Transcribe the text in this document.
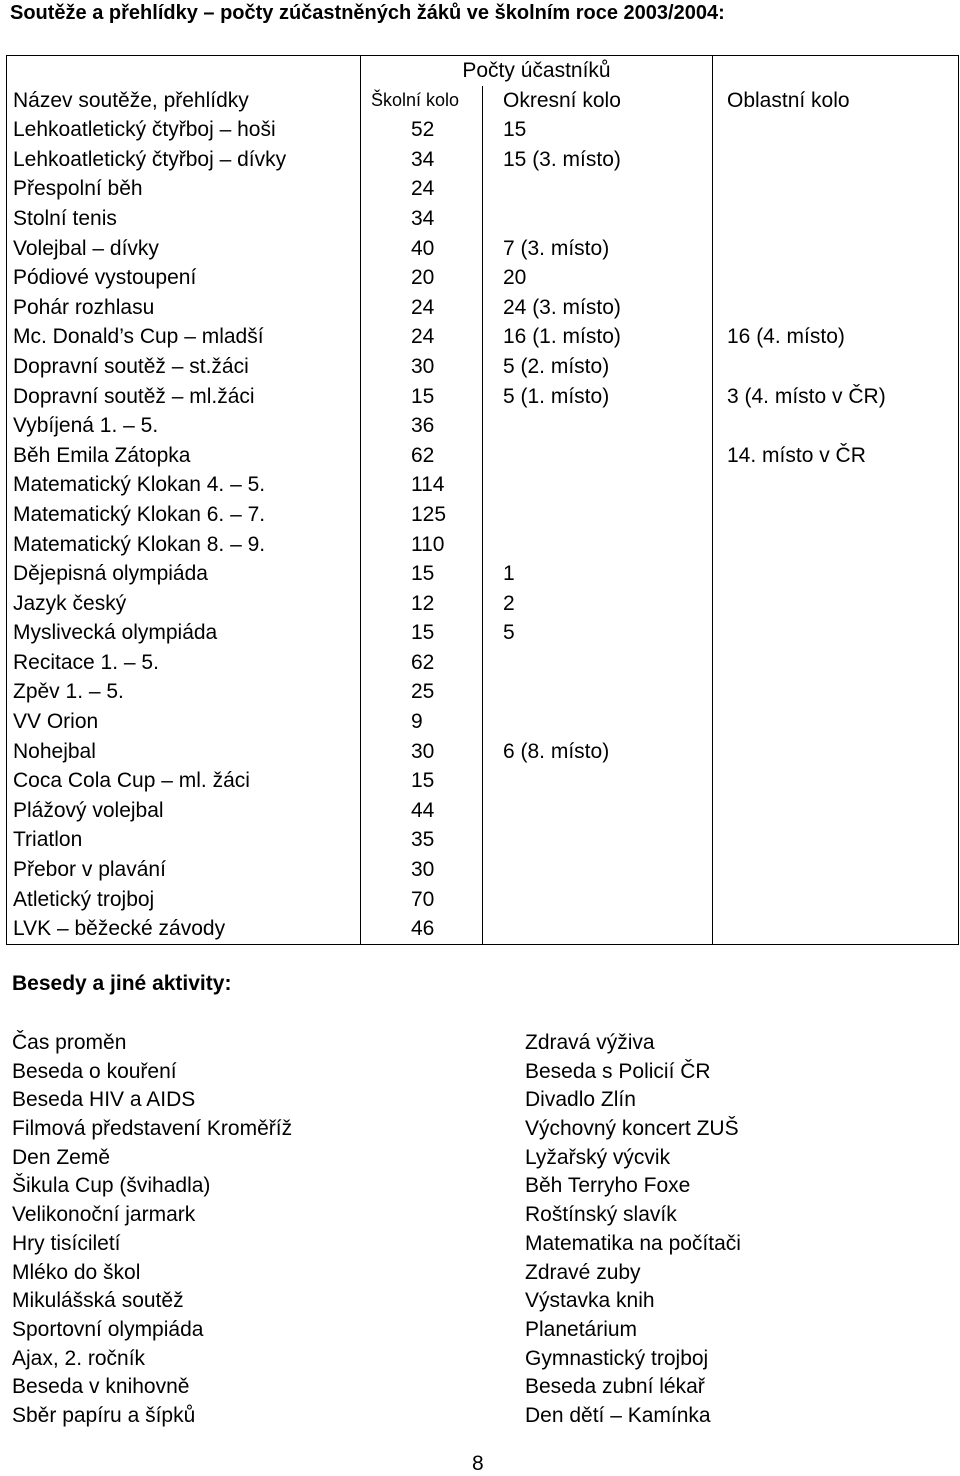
Soutěže a přehlídky – počty zúčastněných žáků ve školním roce 2003/2004:
	Počty účastníků		
Název soutěže, přehlídky	Školní kolo	Okresní kolo	Oblastní kolo
Lehkoatletický čtyřboj – hoši	52	15	
Lehkoatletický čtyřboj – dívky	34	15 (3. místo)	
Přespolní běh	24		
Stolní tenis	34		
Volejbal – dívky	40	7 (3. místo)	
Pódiové vystoupení	20	20	
Pohár rozhlasu	24	24 (3. místo)	
Mc. Donald’s Cup – mladší	24	16 (1. místo)	16 (4. místo)
Dopravní soutěž – st.žáci	30	5 (2. místo)	
Dopravní soutěž – ml.žáci	15	5 (1. místo)	3 (4. místo v ČR)
Vybíjená 1. – 5.	36		
Běh Emila Zátopka	62		14. místo v ČR
Matematický Klokan 4. – 5.	114		
Matematický Klokan 6. – 7.	125		
Matematický Klokan 8. – 9.	110		
Dějepisná olympiáda	15	1	
Jazyk český	12	2	
Myslivecká olympiáda	15	5	
Recitace 1. – 5.	62		
Zpěv 1. – 5.	25		
VV Orion	9		
Nohejbal	30	6 (8. místo)	
Coca Cola Cup – ml. žáci	15		
Plážový volejbal	44		
Triatlon	35		
Přebor v plavání	30		
Atletický trojboj	70		
LVK – běžecké závody	46		
Besedy a jiné aktivity:
Čas proměn
Beseda o kouření
Beseda HIV a AIDS
Filmová představení Kroměříž
Den Země
Šikula Cup (švihadla)
Velikonoční jarmark
Hry tisíciletí
Mléko do škol
Mikulášská soutěž
Sportovní olympiáda
Ajax, 2. ročník
Beseda v knihovně
Sběr papíru a šípků
Zdravá výživa
Beseda s Policií ČR
Divadlo Zlín
Výchovný koncert ZUŠ
Lyžařský výcvik
Běh Terryho Foxe
Roštínský slavík
Matematika na počítači
Zdravé zuby
Výstavka knih
Planetárium
Gymnastický trojboj
Beseda zubní lékař
Den dětí – Kamínka
8
